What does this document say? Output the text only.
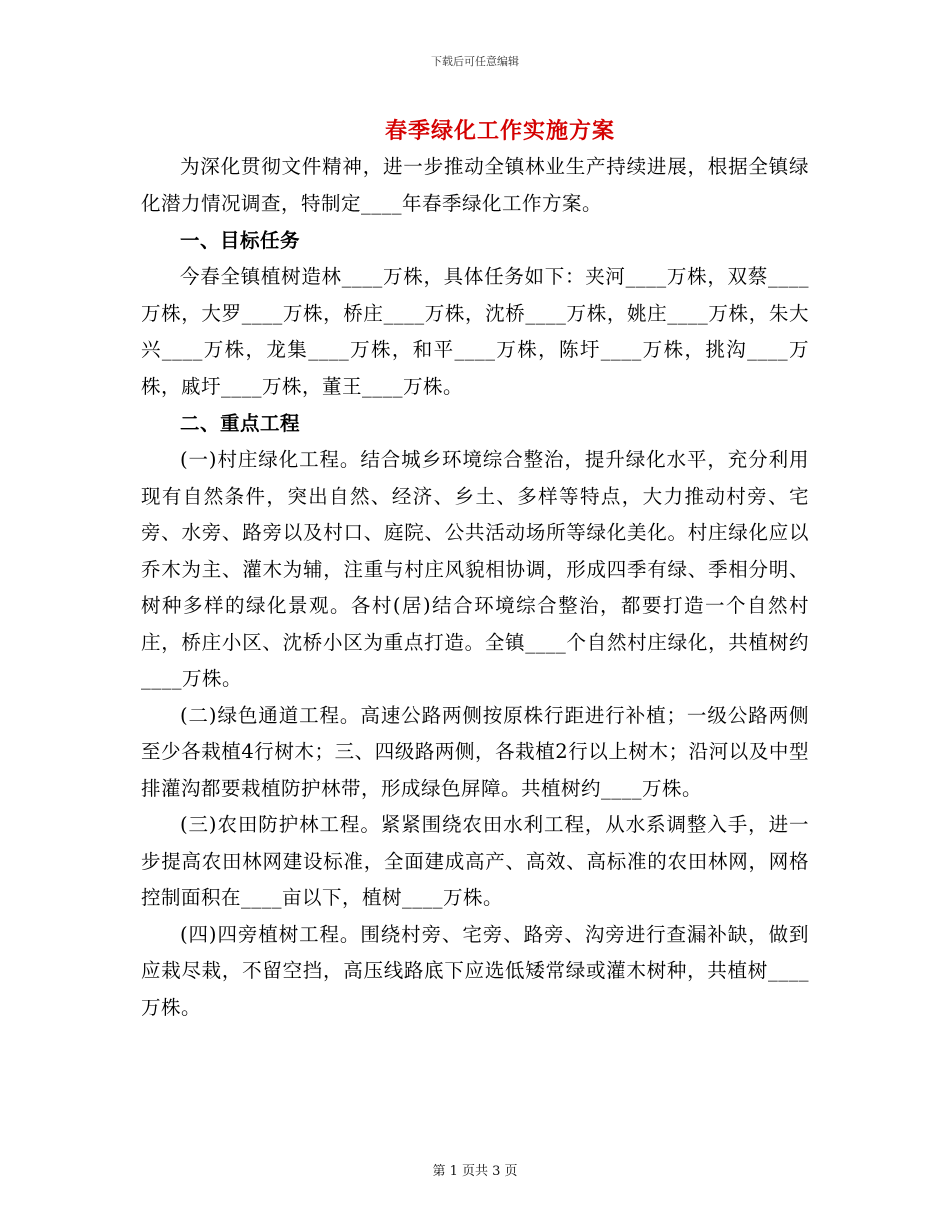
下载后可任意编辑
春季绿化工作实施方案

为深化贯彻文件精神，进一步推动全镇林业生产持续进展，根据全镇绿化潜力情况调查，特制定____年春季绿化工作方案。

一、目标任务

今春全镇植树造林____万株，具体任务如下：夹河____万株，双蔡____万株，大罗____万株，桥庄____万株，沈桥____万株，姚庄____万株，朱大兴____万株，龙集____万株，和平____万株，陈圩____万株，挑沟____万株，戚圩____万株，董王____万株。

二、重点工程

(一)村庄绿化工程。结合城乡环境综合整治，提升绿化水平，充分利用现有自然条件，突出自然、经济、乡土、多样等特点，大力推动村旁、宅旁、水旁、路旁以及村口、庭院、公共活动场所等绿化美化。村庄绿化应以乔木为主、灌木为辅，注重与村庄风貌相协调，形成四季有绿、季相分明、树种多样的绿化景观。各村(居)结合环境综合整治，都要打造一个自然村庄，桥庄小区、沈桥小区为重点打造。全镇____个自然村庄绿化，共植树约____万株。

(二)绿色通道工程。高速公路两侧按原株行距进行补植；一级公路两侧至少各栽植4行树木；三、四级路两侧，各栽植2行以上树木；沿河以及中型排灌沟都要栽植防护林带，形成绿色屏障。共植树约____万株。

(三)农田防护林工程。紧紧围绕农田水利工程，从水系调整入手，进一步提高农田林网建设标准，全面建成高产、高效、高标准的农田林网，网格控制面积在____亩以下，植树____万株。

(四)四旁植树工程。围绕村旁、宅旁、路旁、沟旁进行查漏补缺，做到应栽尽栽，不留空挡，高压线路底下应选低矮常绿或灌木树种，共植树____万株。

第 1 页共 3 页
